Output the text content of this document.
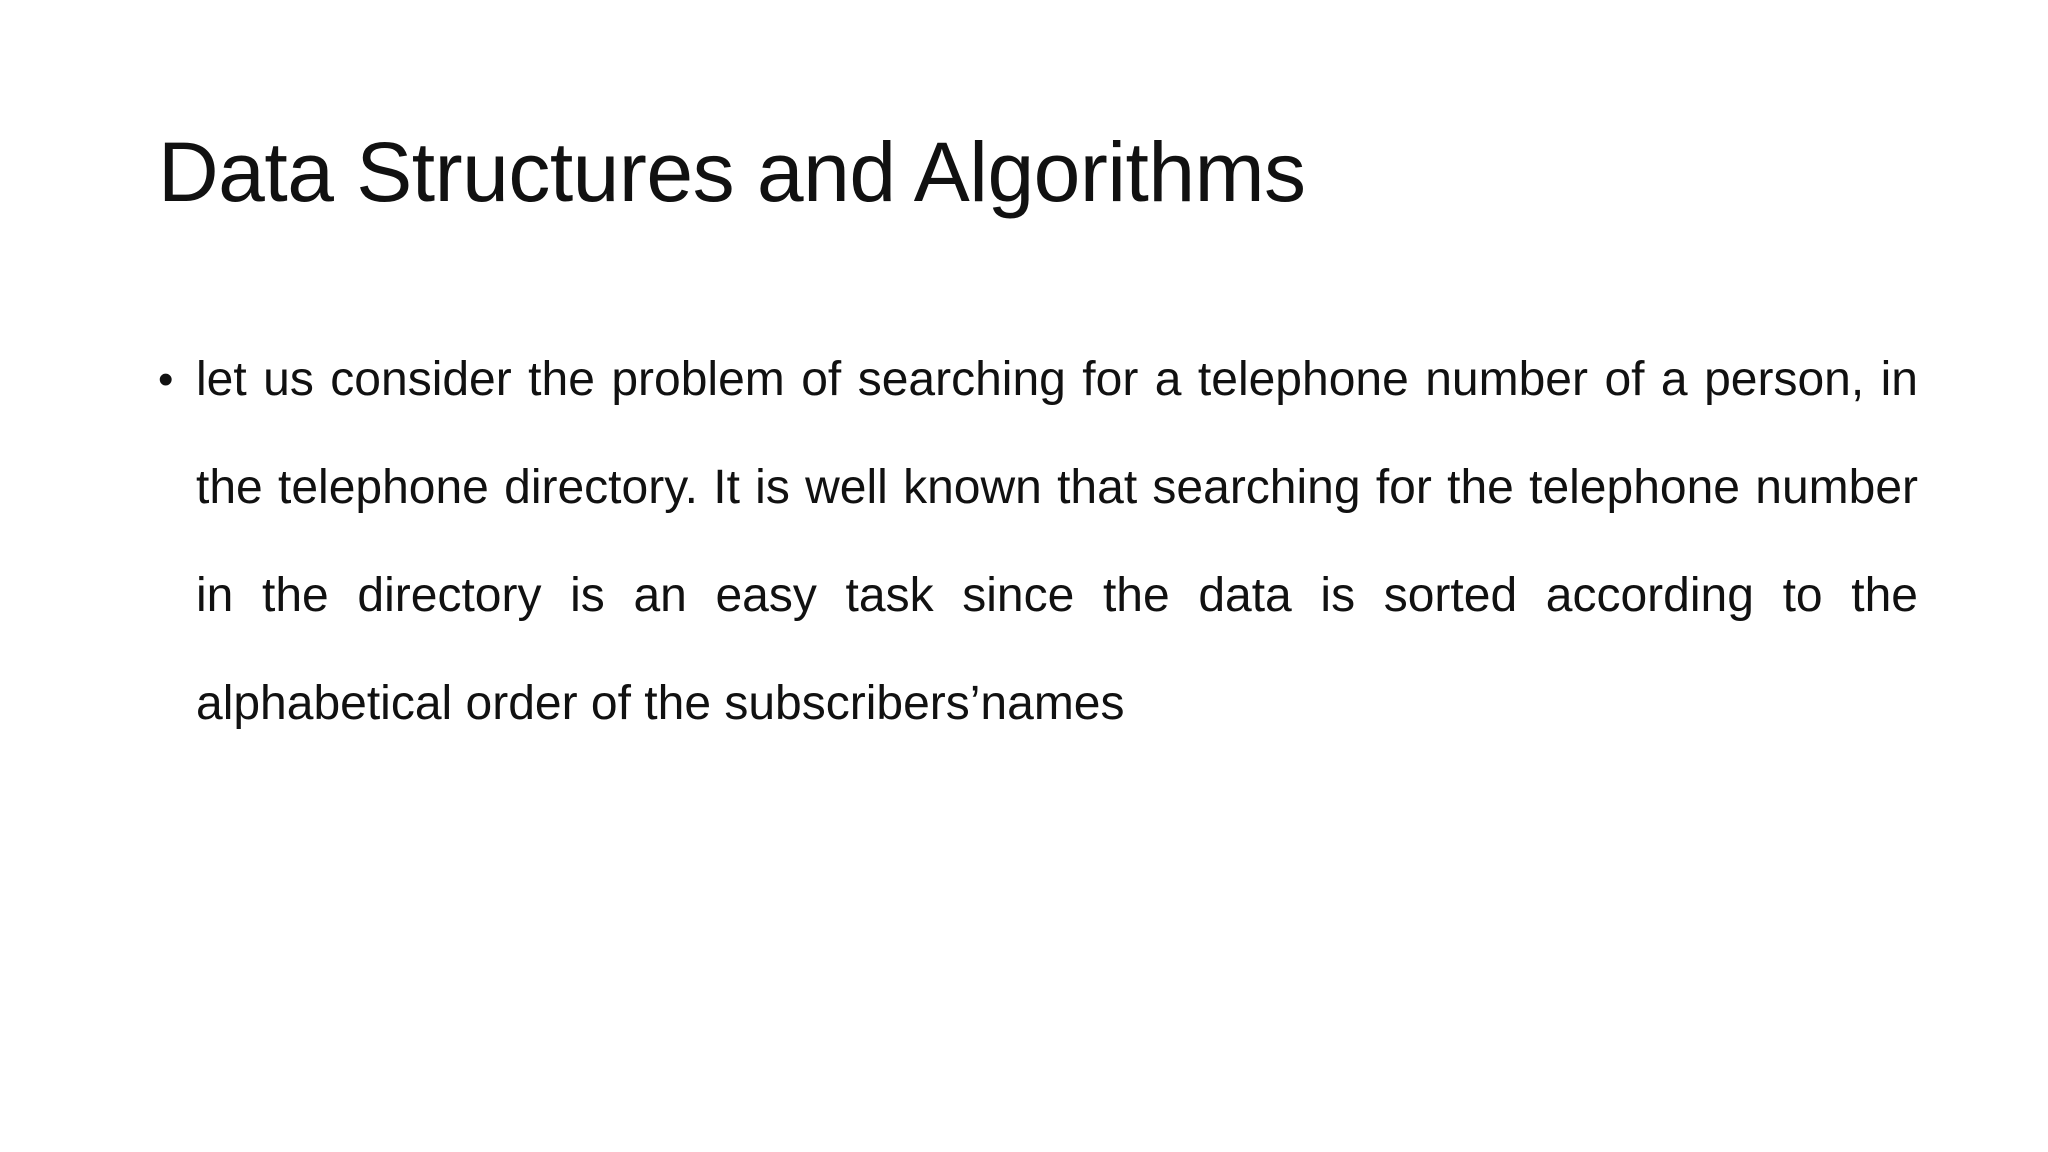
Data Structures and Algorithms
• let us consider the problem of searching for a telephone number of a person, in the telephone directory. It is well known that searching for the telephone number in the directory is an easy task since the data is sorted according to the alphabetical order of the subscribers’names
